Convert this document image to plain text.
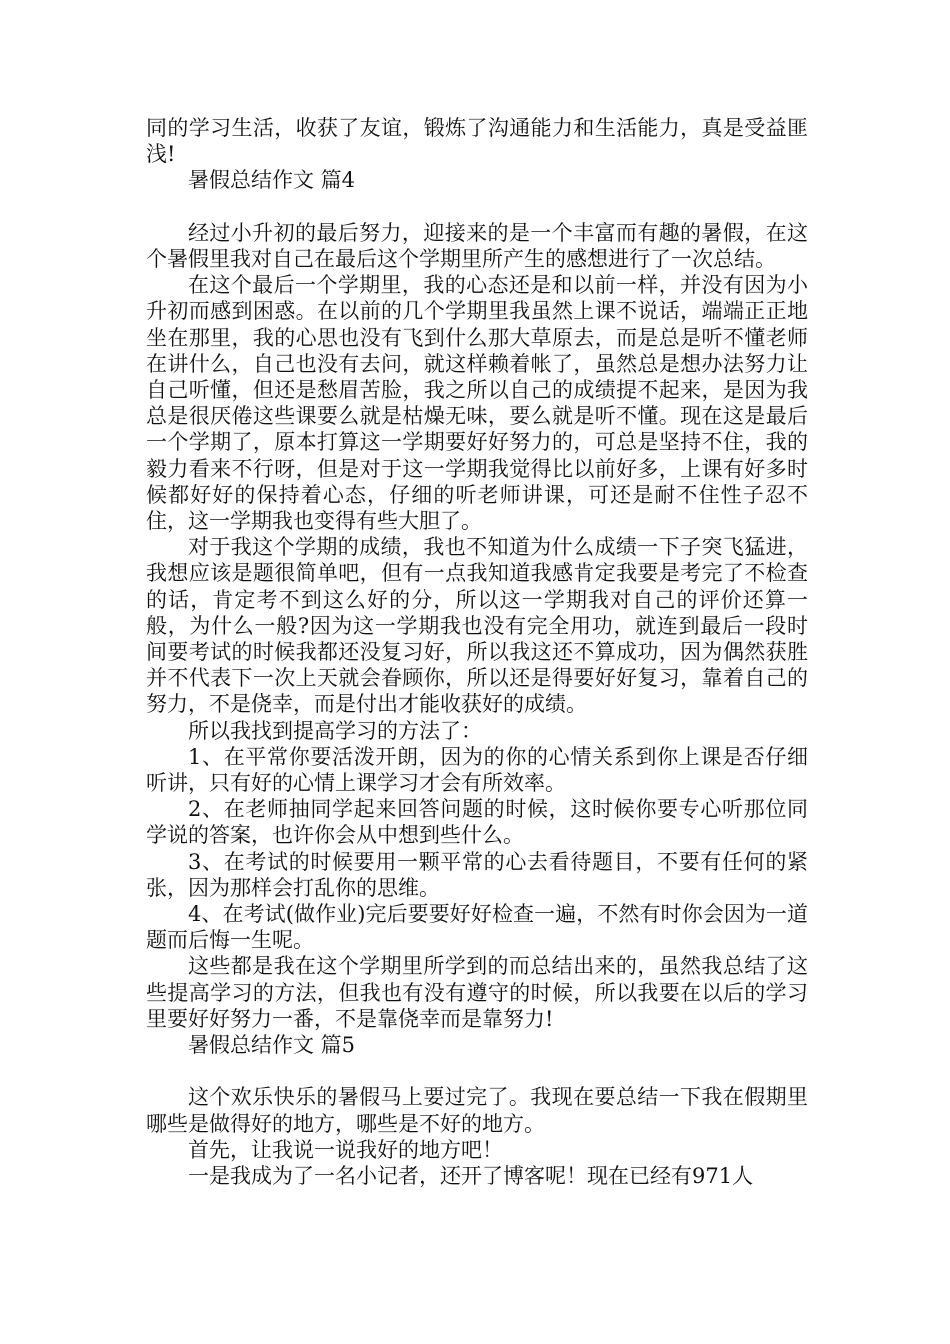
同的学习生活，收获了友谊，锻炼了沟通能力和生活能力，真是受益匪浅!

暑假总结作文 篇4

经过小升初的最后努力，迎接来的是一个丰富而有趣的暑假，在这个暑假里我对自己在最后这个学期里所产生的感想进行了一次总结。

在这个最后一个学期里，我的心态还是和以前一样，并没有因为小升初而感到困惑。在以前的几个学期里我虽然上课不说话，端端正正地坐在那里，我的心思也没有飞到什么那大草原去，而是总是听不懂老师在讲什么，自己也没有去问，就这样赖着帐了，虽然总是想办法努力让自己听懂，但还是愁眉苦脸，我之所以自己的成绩提不起来，是因为我总是很厌倦这些课要么就是枯燥无味，要么就是听不懂。现在这是最后一个学期了，原本打算这一学期要好好努力的，可总是坚持不住，我的毅力看来不行呀，但是对于这一学期我觉得比以前好多，上课有好多时候都好好的保持着心态，仔细的听老师讲课，可还是耐不住性子忍不住，这一学期我也变得有些大胆了。

对于我这个学期的成绩，我也不知道为什么成绩一下子突飞猛进，我想应该是题很简单吧，但有一点我知道我感肯定我要是考完了不检查的话，肯定考不到这么好的分，所以这一学期我对自己的评价还算一般，为什么一般?因为这一学期我也没有完全用功，就连到最后一段时间要考试的时候我都还没复习好，所以我这还不算成功，因为偶然获胜并不代表下一次上天就会眷顾你，所以还是得要好好复习，靠着自己的努力，不是侥幸，而是付出才能收获好的成绩。

所以我找到提高学习的方法了：

1、在平常你要活泼开朗，因为的你的心情关系到你上课是否仔细听讲，只有好的心情上课学习才会有所效率。

2、在老师抽同学起来回答问题的时候，这时候你要专心听那位同学说的答案，也许你会从中想到些什么。

3、在考试的时候要用一颗平常的心去看待题目，不要有任何的紧张，因为那样会打乱你的思维。

4、在考试(做作业)完后要要好好检查一遍，不然有时你会因为一道题而后悔一生呢。

这些都是我在这个学期里所学到的而总结出来的，虽然我总结了这些提高学习的方法，但我也有没有遵守的时候，所以我要在以后的学习里要好好努力一番，不是靠侥幸而是靠努力!

暑假总结作文 篇5

这个欢乐快乐的暑假马上要过完了。我现在要总结一下我在假期里哪些是做得好的地方，哪些是不好的地方。

首先，让我说一说我好的地方吧！

一是我成为了一名小记者，还开了博客呢！现在已经有971人
